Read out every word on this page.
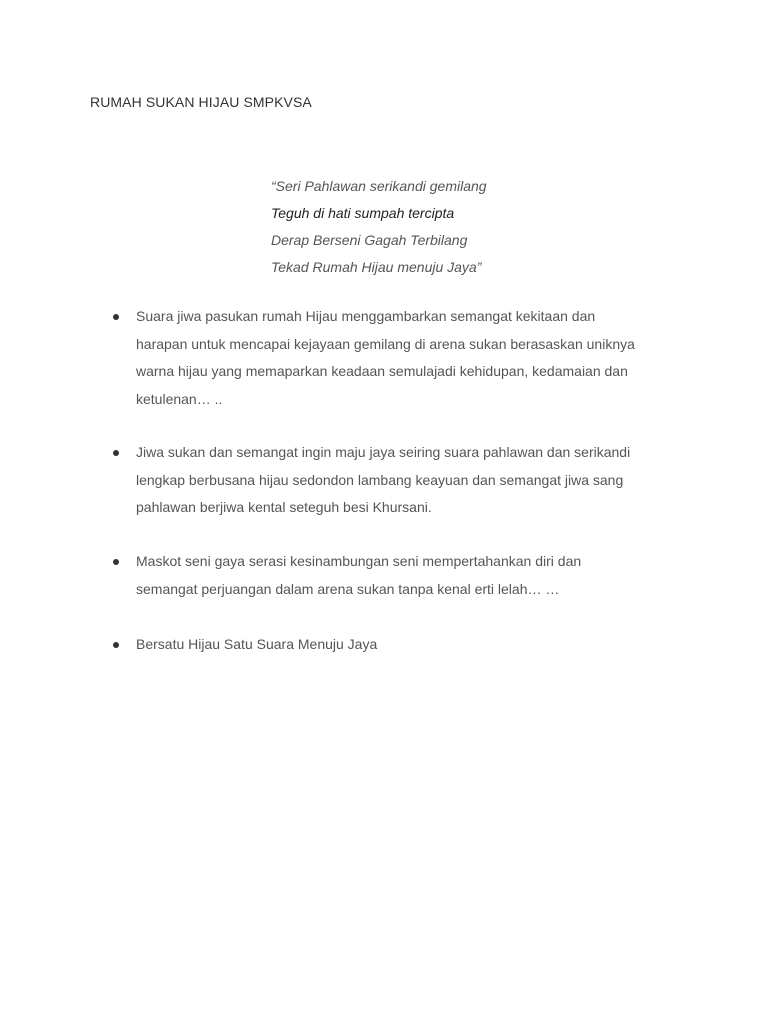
RUMAH SUKAN HIJAU SMPKVSA
“Seri Pahlawan serikandi gemilang
Teguh di hati sumpah tercipta
Derap Berseni Gagah Terbilang
Tekad Rumah Hijau menuju Jaya”
Suara jiwa pasukan rumah Hijau menggambarkan semangat kekitaan dan
harapan untuk mencapai kejayaan gemilang di arena sukan berasaskan uniknya
warna hijau yang memaparkan keadaan semulajadi kehidupan, kedamaian dan
ketulenan… ..
Jiwa sukan dan semangat ingin maju jaya seiring suara pahlawan dan serikandi
lengkap berbusana hijau sedondon lambang keayuan dan semangat jiwa sang
pahlawan berjiwa kental seteguh besi Khursani.
Maskot seni gaya serasi kesinambungan seni mempertahankan diri dan
semangat perjuangan dalam arena sukan tanpa kenal erti lelah… …
Bersatu Hijau Satu Suara Menuju Jaya
